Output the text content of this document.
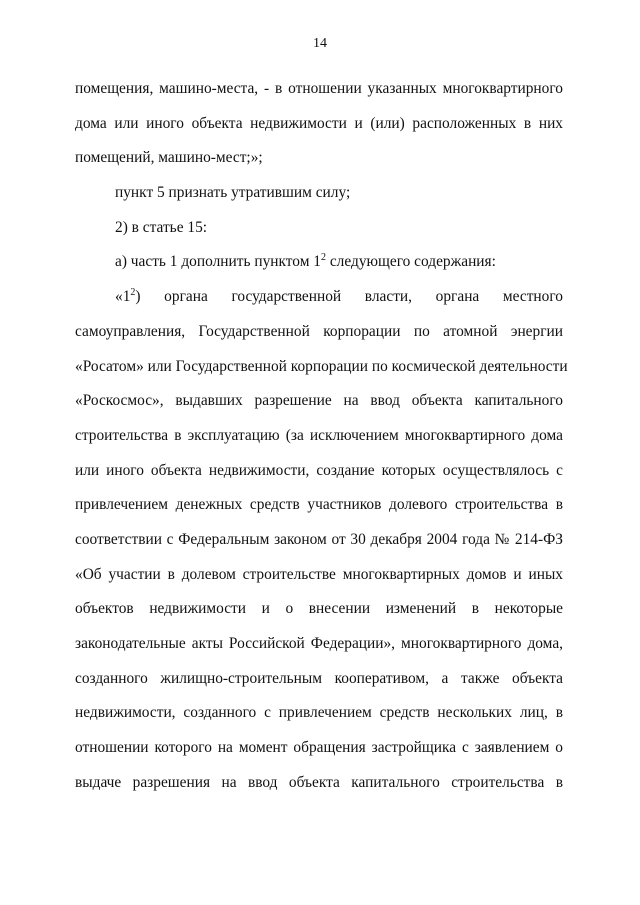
14
помещения, машино-места, - в отношении указанных многоквартирного
дома или иного объекта недвижимости и (или) расположенных в них
помещений, машино-мест;»;
пункт 5 признать утратившим силу;
2) в статье 15:
а) часть 1 дополнить пунктом $1^2$ следующего содержания:
«$1^2$) органа государственной власти, органа местного
самоуправления, Государственной корпорации по атомной энергии
«Росатом» или Государственной корпорации по космической деятельности
«Роскосмос», выдавших разрешение на ввод объекта капитального
строительства в эксплуатацию (за исключением многоквартирного дома
или иного объекта недвижимости, создание которых осуществлялось с
привлечением денежных средств участников долевого строительства в
соответствии с Федеральным законом от 30 декабря 2004 года № 214-ФЗ
«Об участии в долевом строительстве многоквартирных домов и иных
объектов недвижимости и о внесении изменений в некоторые
законодательные акты Российской Федерации», многоквартирного дома,
созданного жилищно-строительным кооперативом, а также объекта
недвижимости, созданного с привлечением средств нескольких лиц, в
отношении которого на момент обращения застройщика с заявлением о
выдаче разрешения на ввод объекта капитального строительства в
